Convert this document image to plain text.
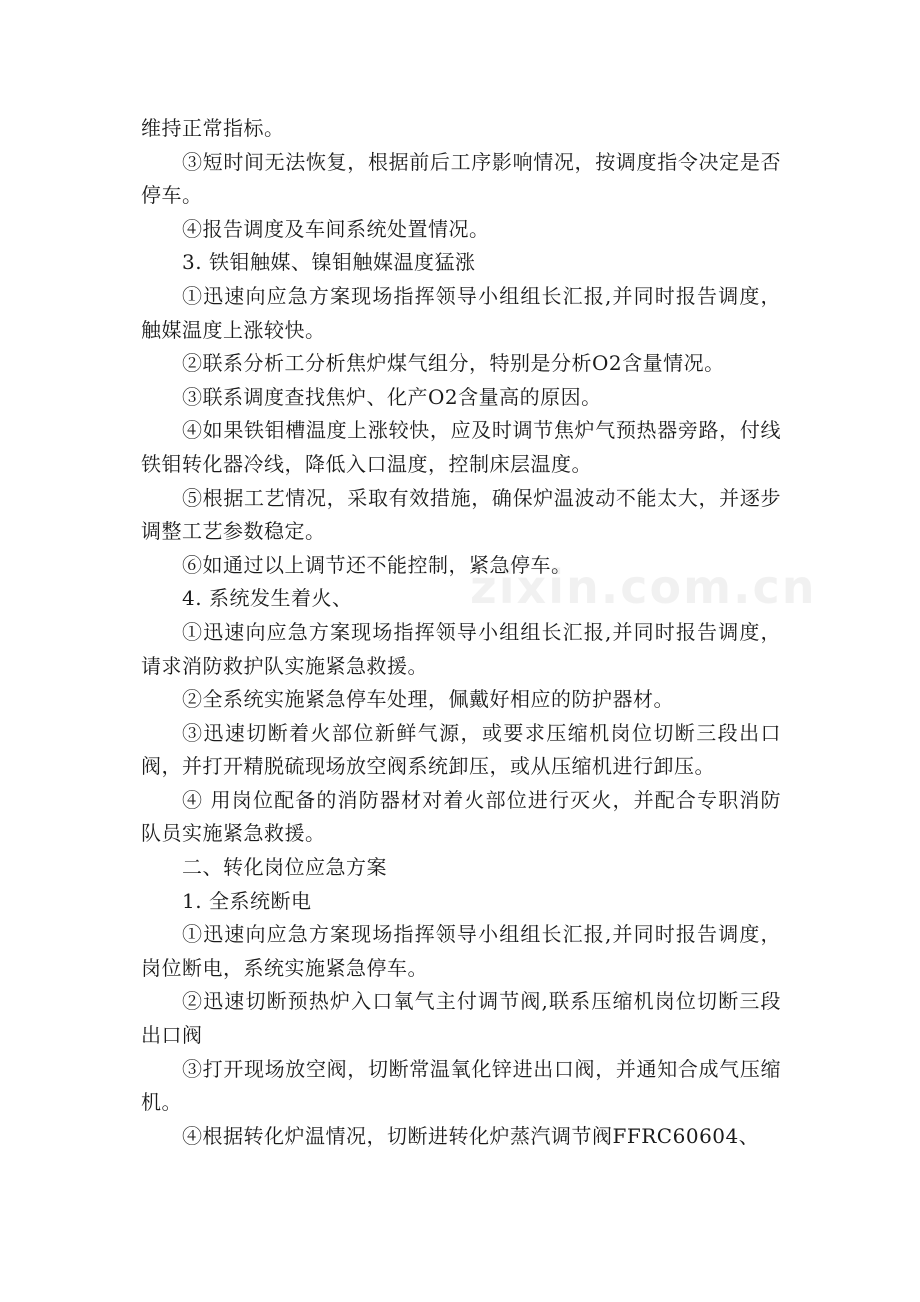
维持正常指标。

③短时间无法恢复，根据前后工序影响情况，按调度指令决定是否停车。

④报告调度及车间系统处置情况。

3. 铁钼触媒、镍钼触媒温度猛涨

①迅速向应急方案现场指挥领导小组组长汇报,并同时报告调度，触媒温度上涨较快。

②联系分析工分析焦炉煤气组分，特别是分析O2含量情况。

③联系调度查找焦炉、化产O2含量高的原因。

④如果铁钼槽温度上涨较快，应及时调节焦炉气预热器旁路，付线铁钼转化器冷线，降低入口温度，控制床层温度。

⑤根据工艺情况，采取有效措施，确保炉温波动不能太大，并逐步调整工艺参数稳定。

⑥如通过以上调节还不能控制，紧急停车。

4. 系统发生着火、

①迅速向应急方案现场指挥领导小组组长汇报,并同时报告调度，请求消防救护队实施紧急救援。

②全系统实施紧急停车处理，佩戴好相应的防护器材。

③迅速切断着火部位新鲜气源，或要求压缩机岗位切断三段出口阀，并打开精脱硫现场放空阀系统卸压，或从压缩机进行卸压。

④ 用岗位配备的消防器材对着火部位进行灭火，并配合专职消防队员实施紧急救援。

二、转化岗位应急方案

1. 全系统断电

①迅速向应急方案现场指挥领导小组组长汇报,并同时报告调度，岗位断电，系统实施紧急停车。

②迅速切断预热炉入口氧气主付调节阀,联系压缩机岗位切断三段出口阀

③打开现场放空阀，切断常温氧化锌进出口阀，并通知合成气压缩机。

④根据转化炉温情况，切断进转化炉蒸汽调节阀FFRC60604、

zixin.com.cn
